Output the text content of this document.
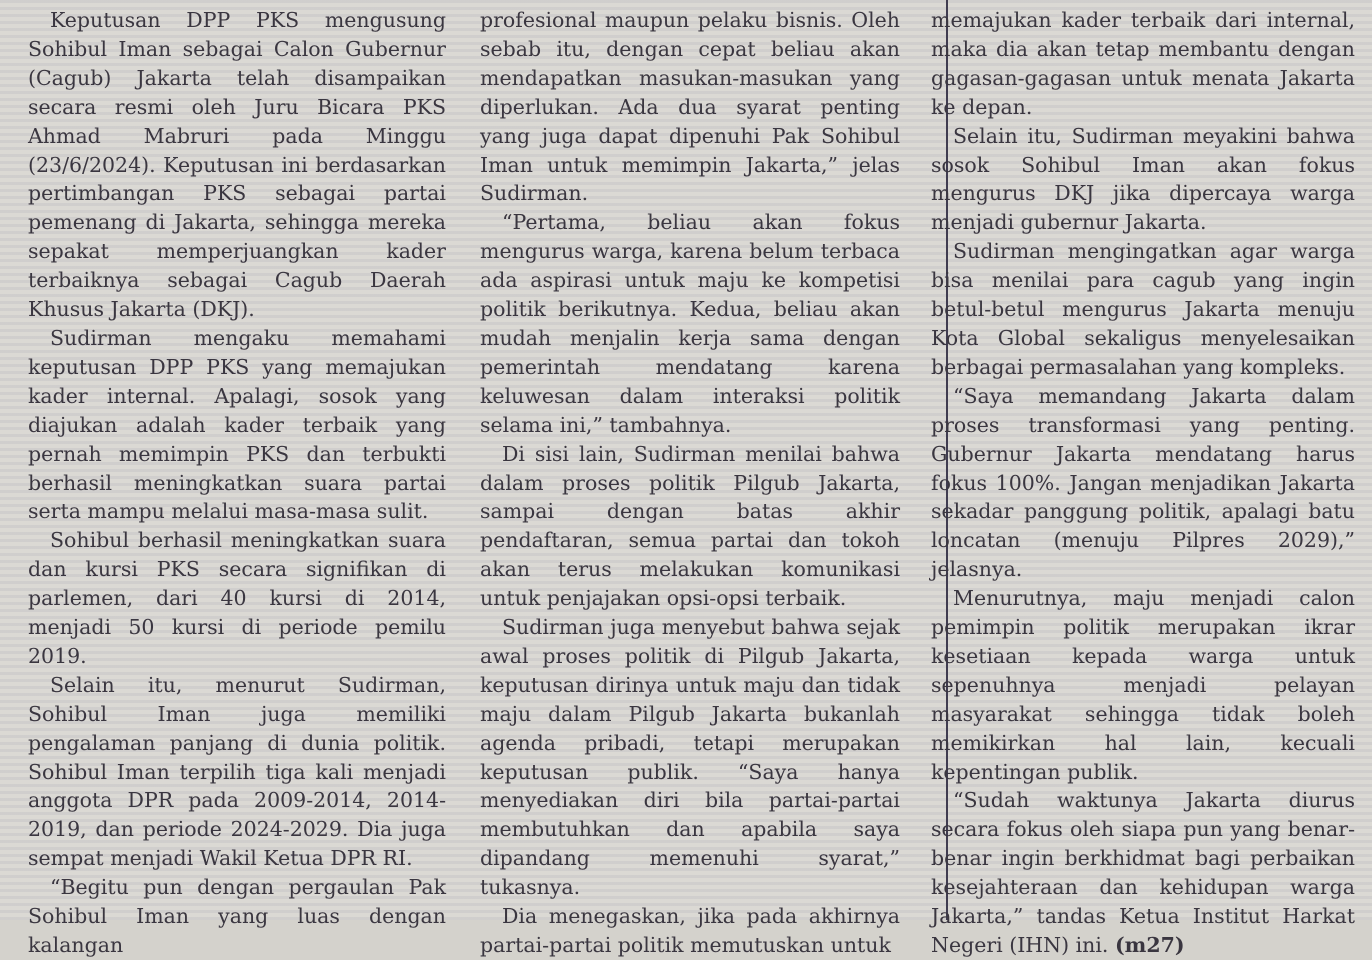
Keputusan DPP PKS mengusung Sohibul Iman sebagai Calon Gubernur (Cagub) Jakarta telah disampaikan secara resmi oleh Juru Bicara PKS Ahmad Mabruri pada Minggu (23/6/2024). Keputusan ini berdasarkan pertimbangan PKS sebagai partai pemenang di Jakarta, sehingga mereka sepakat memperjuangkan kader terbaiknya sebagai Cagub Daerah Khusus Jakarta (DKJ).

Sudirman mengaku memahami keputusan DPP PKS yang memajukan kader internal. Apalagi, sosok yang diajukan adalah kader terbaik yang pernah memimpin PKS dan terbukti berhasil meningkatkan suara partai serta mampu melalui masa-masa sulit.

Sohibul berhasil meningkatkan suara dan kursi PKS secara signifikan di parlemen, dari 40 kursi di 2014, menjadi 50 kursi di periode pemilu 2019.

Selain itu, menurut Sudirman, Sohibul Iman juga memiliki pengalaman panjang di dunia politik. Sohibul Iman terpilih tiga kali menjadi anggota DPR pada 2009-2014, 2014-2019, dan periode 2024-2029. Dia juga sempat menjadi Wakil Ketua DPR RI.

“Begitu pun dengan pergaulan Pak Sohibul Iman yang luas dengan kalangan

profesional maupun pelaku bisnis. Oleh sebab itu, dengan cepat beliau akan mendapatkan masukan-masukan yang diperlukan. Ada dua syarat penting yang juga dapat dipenuhi Pak Sohibul Iman untuk memimpin Jakarta,” jelas Sudirman.

“Pertama, beliau akan fokus mengurus warga, karena belum terbaca ada aspirasi untuk maju ke kompetisi politik berikutnya. Kedua, beliau akan mudah menjalin kerja sama dengan pemerintah mendatang karena keluwesan dalam interaksi politik selama ini,” tambahnya.

Di sisi lain, Sudirman menilai bahwa dalam proses politik Pilgub Jakarta, sampai dengan batas akhir pendaftaran, semua partai dan tokoh akan terus melakukan komunikasi untuk penjajakan opsi-opsi terbaik.

Sudirman juga menyebut bahwa sejak awal proses politik di Pilgub Jakarta, keputusan dirinya untuk maju dan tidak maju dalam Pilgub Jakarta bukanlah agenda pribadi, tetapi merupakan keputusan publik. “Saya hanya menyediakan diri bila partai-partai membutuhkan dan apabila saya dipandang memenuhi syarat,” tukasnya.

Dia menegaskan, jika pada akhirnya partai-partai politik memutuskan untuk

memajukan kader terbaik dari internal, maka dia akan tetap membantu dengan gagasan-gagasan untuk menata Jakarta ke depan.

Selain itu, Sudirman meyakini bahwa sosok Sohibul Iman akan fokus mengurus DKJ jika dipercaya warga menjadi gubernur Jakarta.

Sudirman mengingatkan agar warga bisa menilai para cagub yang ingin betul-betul mengurus Jakarta menuju Kota Global sekaligus menyelesaikan berbagai permasalahan yang kompleks.

“Saya memandang Jakarta dalam proses transformasi yang penting. Gubernur Jakarta mendatang harus fokus 100%. Jangan menjadikan Jakarta sekadar panggung politik, apalagi batu loncatan (menuju Pilpres 2029),” jelasnya.

Menurutnya, maju menjadi calon pemimpin politik merupakan ikrar kesetiaan kepada warga untuk sepenuhnya menjadi pelayan masyarakat sehingga tidak boleh memikirkan hal lain, kecuali kepentingan publik.

“Sudah waktunya Jakarta diurus secara fokus oleh siapa pun yang benar-benar ingin berkhidmat bagi perbaikan kesejahteraan dan kehidupan warga Jakarta,” tandas Ketua Institut Harkat Negeri (IHN) ini. (m27)
